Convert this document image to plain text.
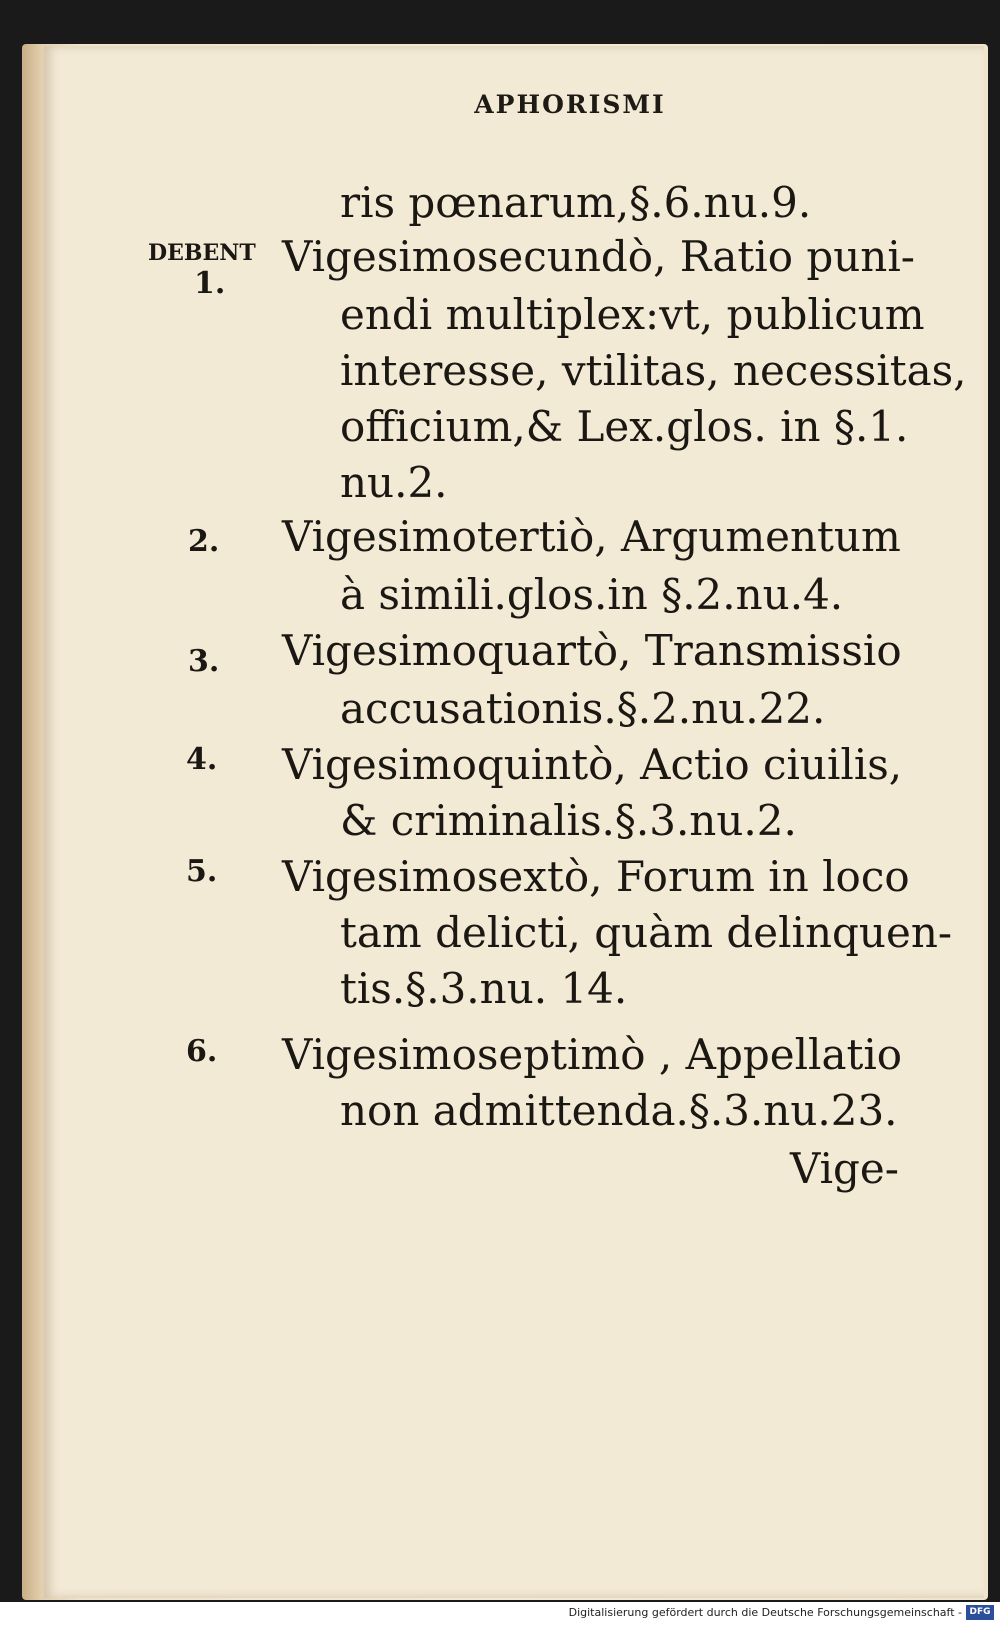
APHORISMI
DEBENT
1.
2.
3.
4.
5.
6.
ris pœnarum,§.6.nu.9.
Vigesimosecundò, Ratio puni-
endi multiplex:vt, publicum
interesse, vtilitas, necessitas,
officium,& Lex.glos. in §.1.
nu.2.
Vigesimotertiò, Argumentum
à simili.glos.in §.2.nu.4.
Vigesimoquartò, Transmissio
accusationis.§.2.nu.22.
Vigesimoquintò, Actio ciuilis,
& criminalis.§.3.nu.2.
Vigesimosextò, Forum in loco
tam delicti, quàm delinquen-
tis.§.3.nu. 14.
Vigesimoseptimò , Appellatio
non admittenda.§.3.nu.23.
Vige-
Digitalisierung gefördert durch die Deutsche Forschungsgemeinschaft - DFG
